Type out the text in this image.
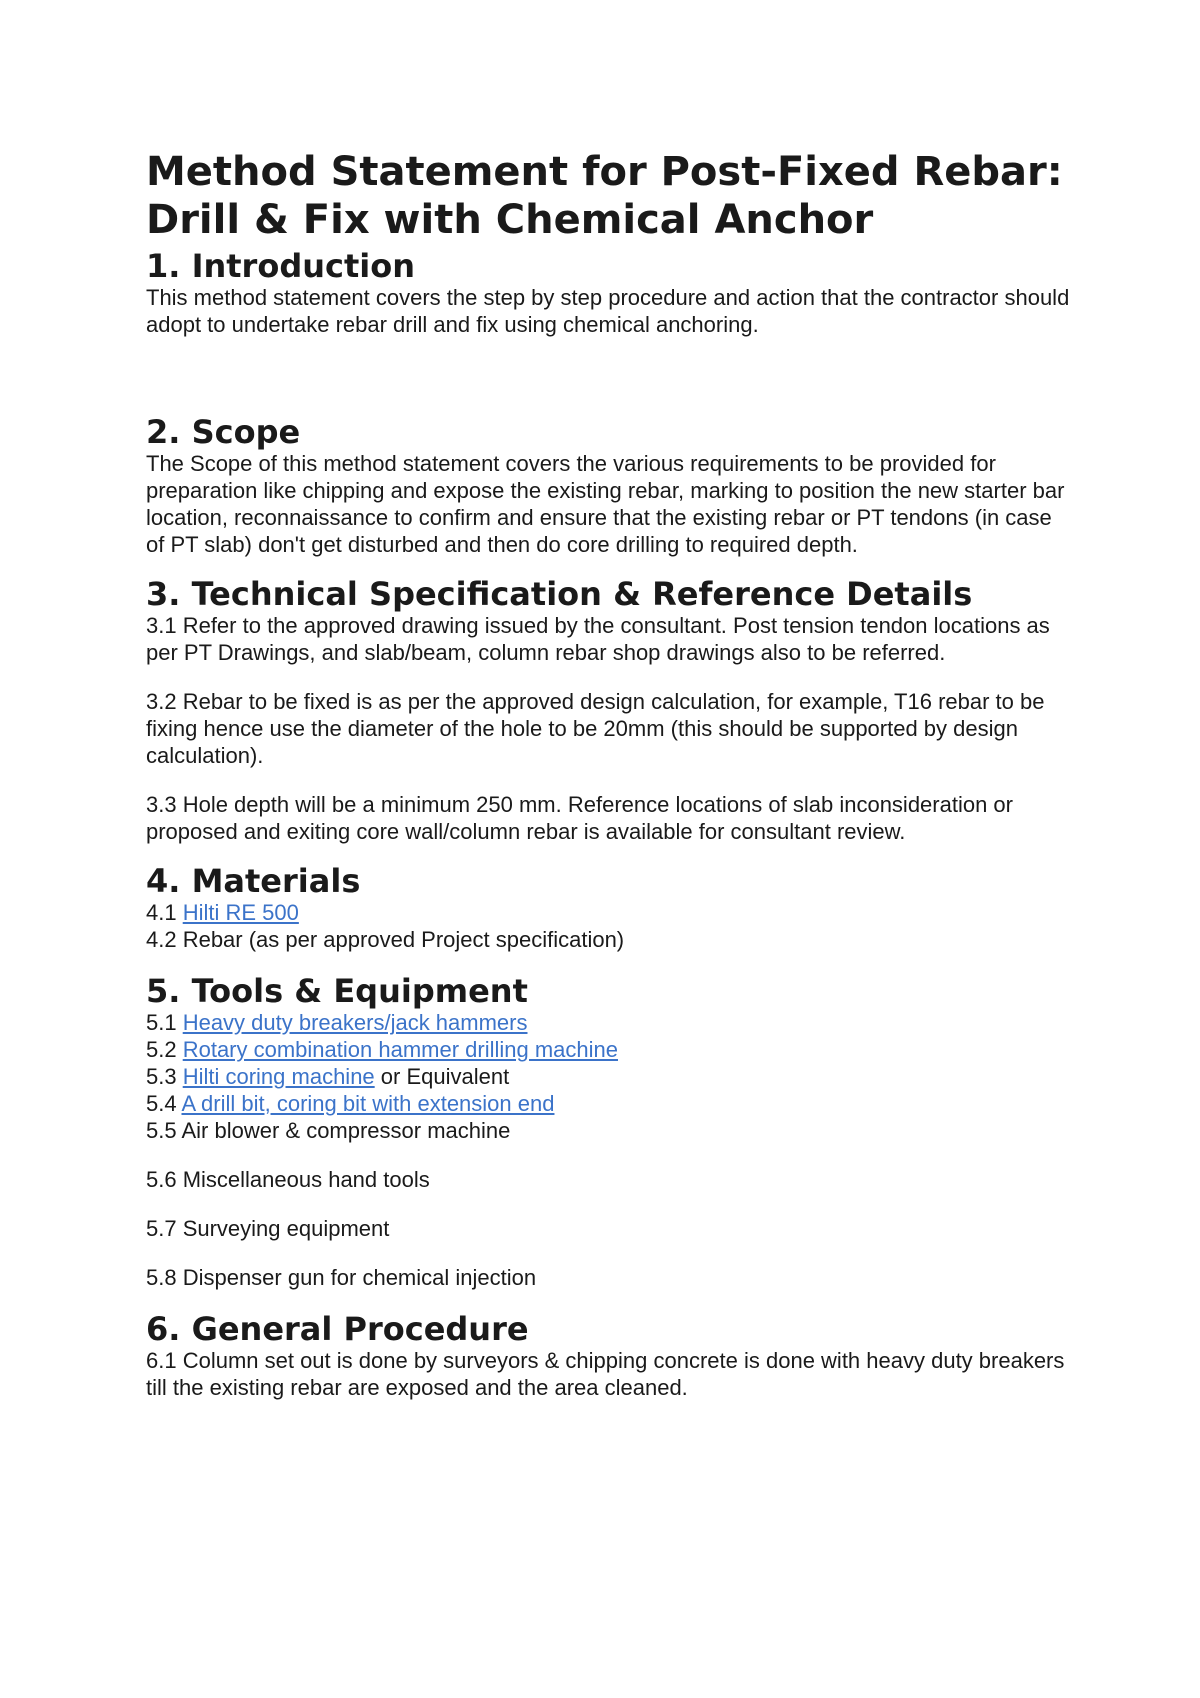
Method Statement for Post-Fixed Rebar: Drill & Fix with Chemical Anchor
1. Introduction

This method statement covers the step by step procedure and action that the contractor should adopt to undertake rebar drill and fix using chemical anchoring.

2. Scope

The Scope of this method statement covers the various requirements to be provided for preparation like chipping and expose the existing rebar, marking to position the new starter bar location, reconnaissance to confirm and ensure that the existing rebar or PT tendons (in case of PT slab) don't get disturbed and then do core drilling to required depth.

3. Technical Specification & Reference Details

3.1 Refer to the approved drawing issued by the consultant. Post tension tendon locations as per PT Drawings, and slab/beam, column rebar shop drawings also to be referred.

3.2 Rebar to be fixed is as per the approved design calculation, for example, T16 rebar to be fixing hence use the diameter of the hole to be 20mm (this should be supported by design calculation).

3.3 Hole depth will be a minimum 250 mm. Reference locations of slab inconsideration or proposed and exiting core wall/column rebar is available for consultant review.

4. Materials
4.1 Hilti RE 500
4.2 Rebar (as per approved Project specification)
5. Tools & Equipment
5.1 Heavy duty breakers/jack hammers
5.2 Rotary combination hammer drilling machine
5.3 Hilti coring machine or Equivalent
5.4 A drill bit, coring bit with extension end
5.5 Air blower & compressor machine
5.6 Miscellaneous hand tools
5.7 Surveying equipment
5.8 Dispenser gun for chemical injection
6. General Procedure

6.1 Column set out is done by surveyors & chipping concrete is done with heavy duty breakers till the existing rebar are exposed and the area cleaned.
